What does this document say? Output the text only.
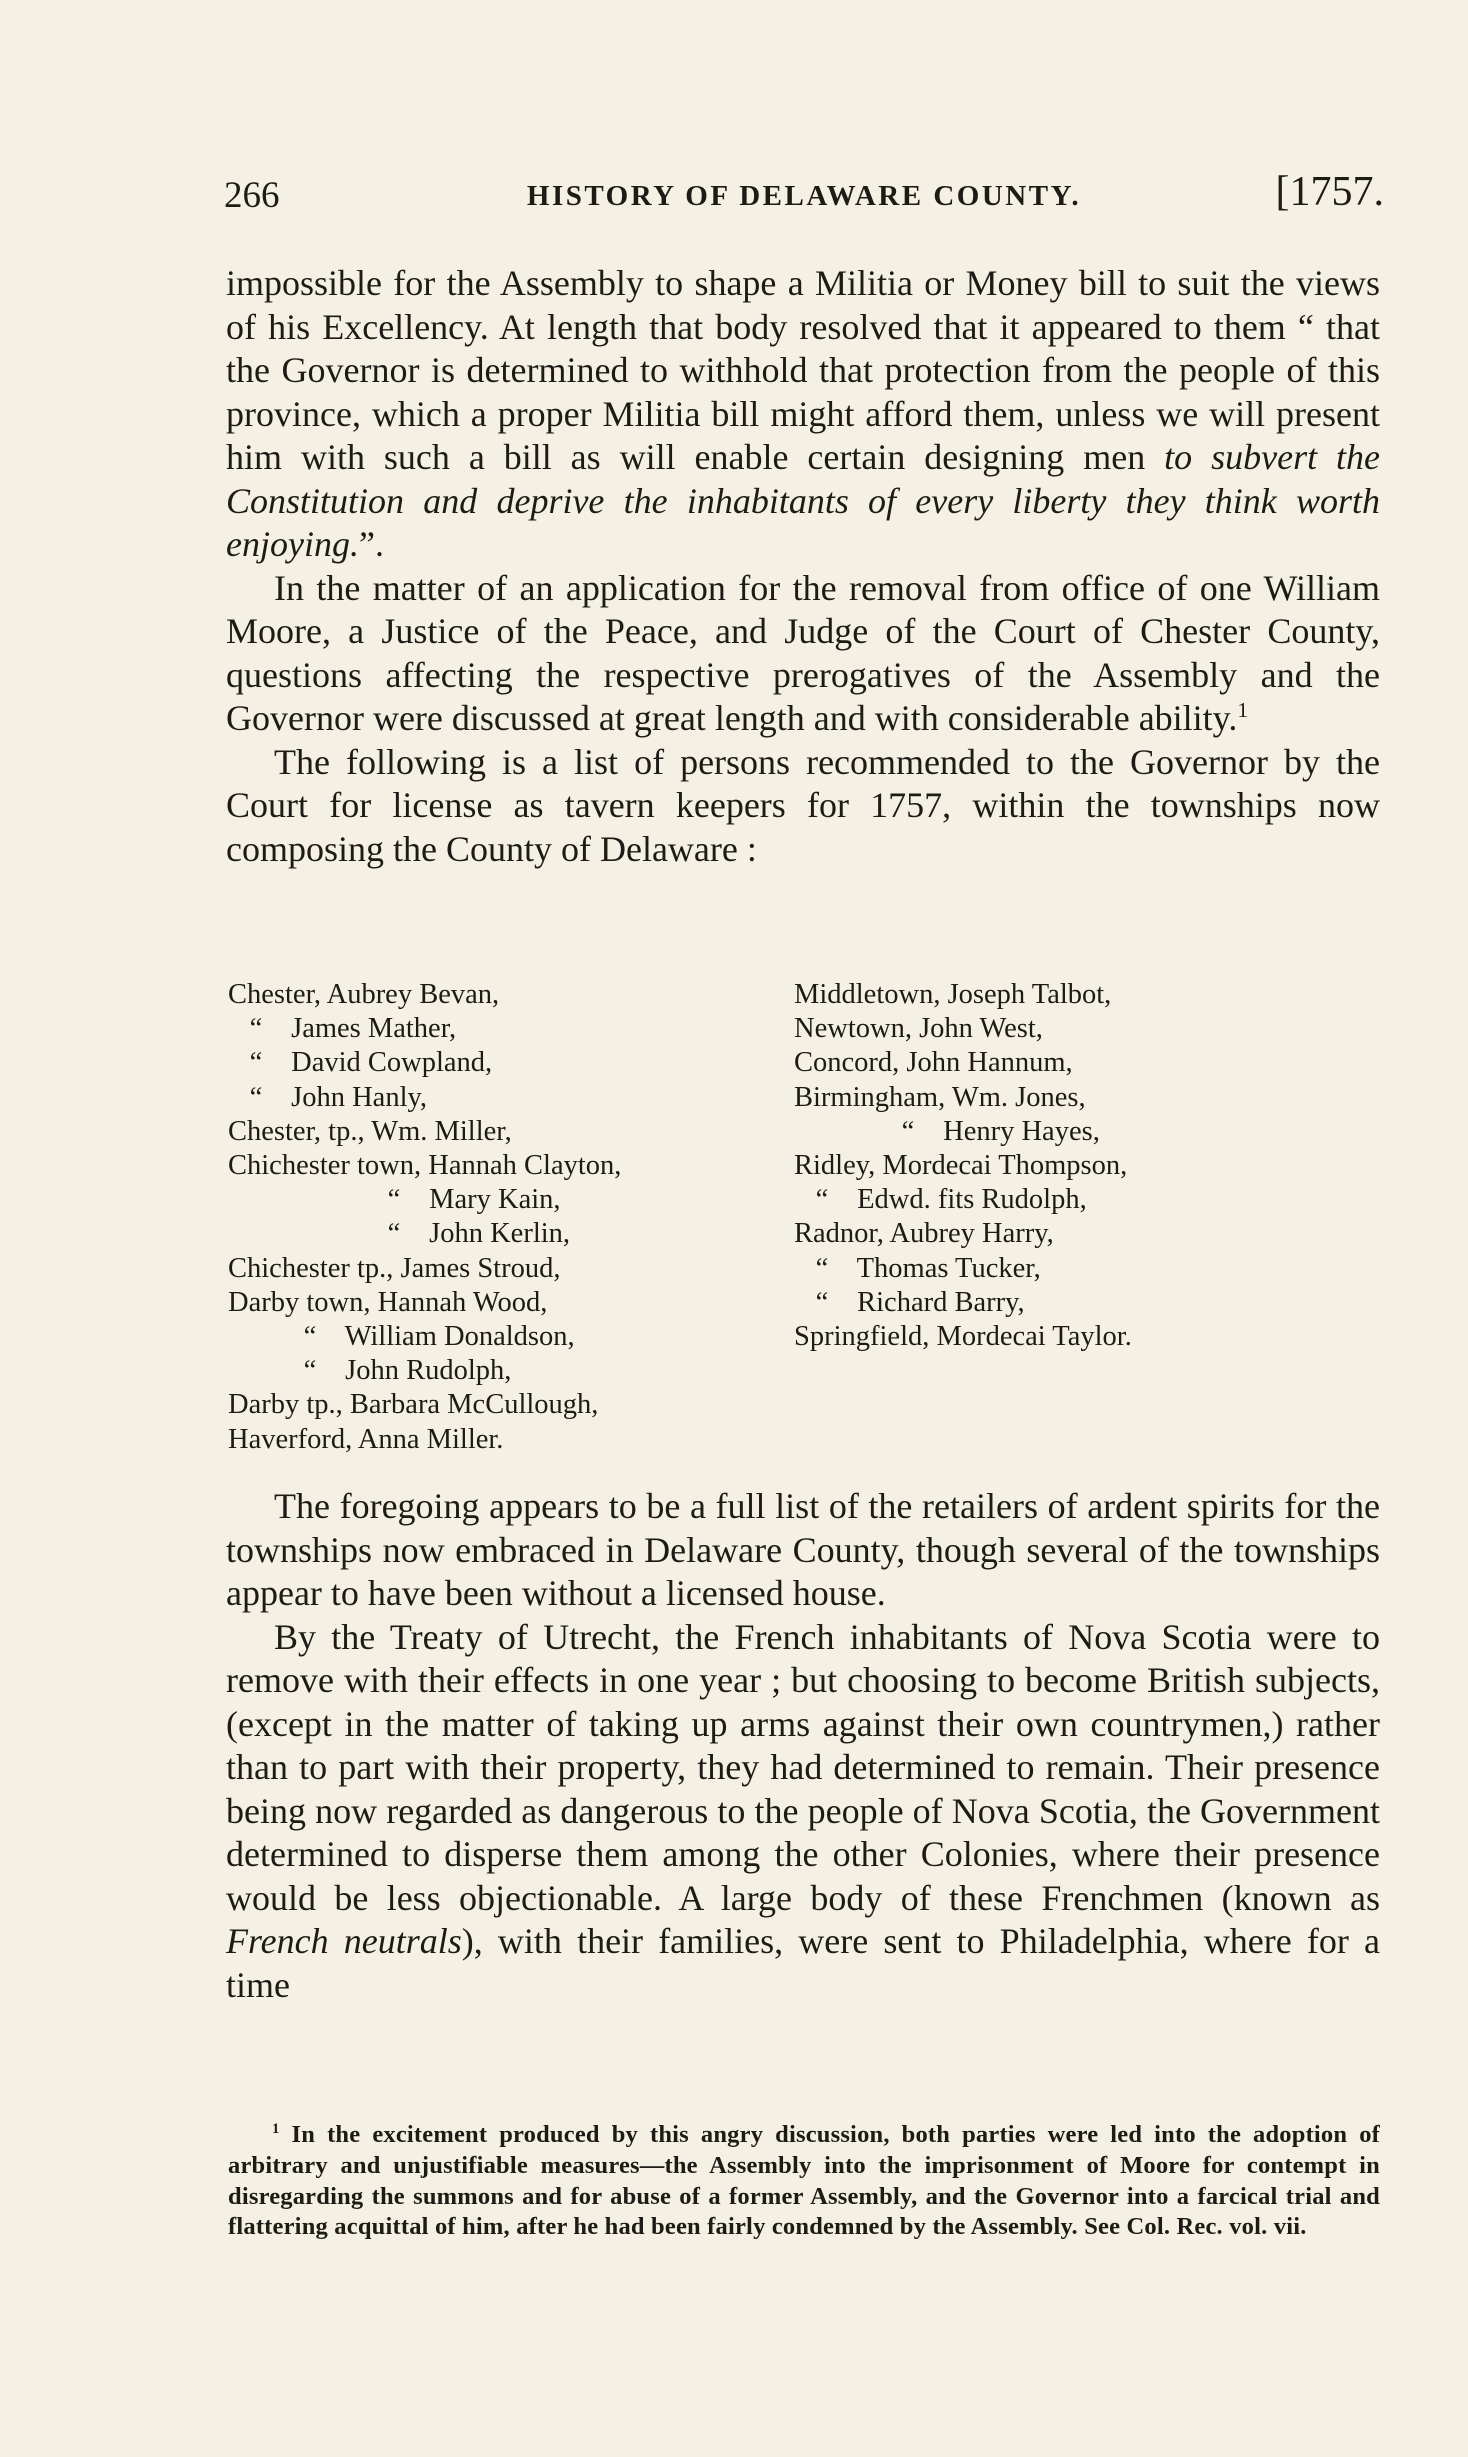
266	HISTORY OF DELAWARE COUNTY.	[1757.

impossible for the Assembly to shape a Militia or Money bill to suit the views of his Excellency. At length that body resolved that it appeared to them “ that the Governor is determined to withhold that protection from the people of this province, which a proper Militia bill might afford them, unless we will present him with such a bill as will enable certain designing men to subvert the Constitution and deprive the inhabitants of every liberty they think worth enjoying.”.

In the matter of an application for the removal from office of one William Moore, a Justice of the Peace, and Judge of the Court of Chester County, questions affecting the respective prerogatives of the Assembly and the Governor were discussed at great length and with considerable ability.$^1$

The following is a list of persons recommended to the Governor by the Court for license as tavern keepers for 1757, within the townships now composing the County of Delaware :

Chester, Aubrey Bevan,
“ James Mather,
“ David Cowpland,
“ John Hanly,
Chester, tp., Wm. Miller,
Chichester town, Hannah Clayton,
“ Mary Kain,
“ John Kerlin,
Chichester tp., James Stroud,
Darby town, Hannah Wood,
“ William Donaldson,
“ John Rudolph,
Darby tp., Barbara McCullough,
Haverford, Anna Miller.
Middletown, Joseph Talbot,
Newtown, John West,
Concord, John Hannum,
Birmingham, Wm. Jones,
“ Henry Hayes,
Ridley, Mordecai Thompson,
“ Edwd. fits Rudolph,
Radnor, Aubrey Harry,
“ Thomas Tucker,
“ Richard Barry,
Springfield, Mordecai Taylor.

The foregoing appears to be a full list of the retailers of ardent spirits for the townships now embraced in Delaware County, though several of the townships appear to have been without a licensed house.

By the Treaty of Utrecht, the French inhabitants of Nova Scotia were to remove with their effects in one year ; but choosing to become British subjects, (except in the matter of taking up arms against their own countrymen,) rather than to part with their property, they had determined to remain. Their presence being now regarded as dangerous to the people of Nova Scotia, the Government determined to disperse them among the other Colonies, where their presence would be less objectionable. A large body of these Frenchmen (known as French neutrals), with their families, were sent to Philadelphia, where for a time

$^1$ In the excitement produced by this angry discussion, both parties were led into the adoption of arbitrary and unjustifiable measures—the Assembly into the imprisonment of Moore for contempt in disregarding the summons and for abuse of a former Assembly, and the Governor into a farcical trial and flattering acquittal of him, after he had been fairly condemned by the Assembly. See Col. Rec. vol. vii.
